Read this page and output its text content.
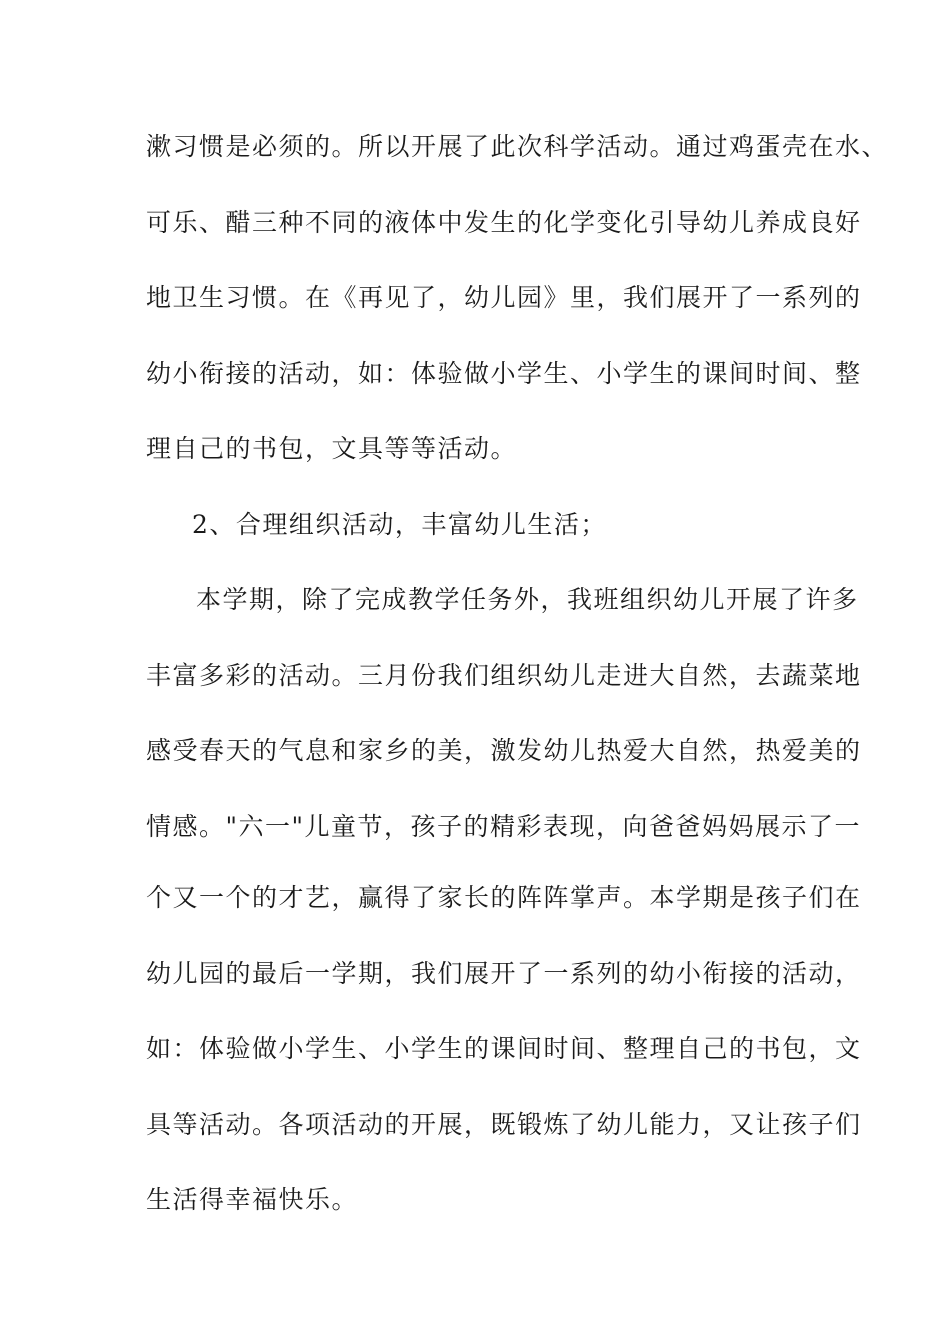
漱习惯是必须的。所以开展了此次科学活动。通过鸡蛋壳在水、
可乐、醋三种不同的液体中发生的化学变化引导幼儿养成良好
地卫生习惯。在《再见了，幼儿园》里，我们展开了一系列的
幼小衔接的活动，如：体验做小学生、小学生的课间时间、整
理自己的书包，文具等等活动。
2、合理组织活动，丰富幼儿生活；
本学期，除了完成教学任务外，我班组织幼儿开展了许多
丰富多彩的活动。三月份我们组织幼儿走进大自然，去蔬菜地
感受春天的气息和家乡的美，激发幼儿热爱大自然，热爱美的
情感。"六一"儿童节，孩子的精彩表现，向爸爸妈妈展示了一
个又一个的才艺，赢得了家长的阵阵掌声。本学期是孩子们在
幼儿园的最后一学期，我们展开了一系列的幼小衔接的活动，
如：体验做小学生、小学生的课间时间、整理自己的书包，文
具等活动。各项活动的开展，既锻炼了幼儿能力，又让孩子们
生活得幸福快乐。
